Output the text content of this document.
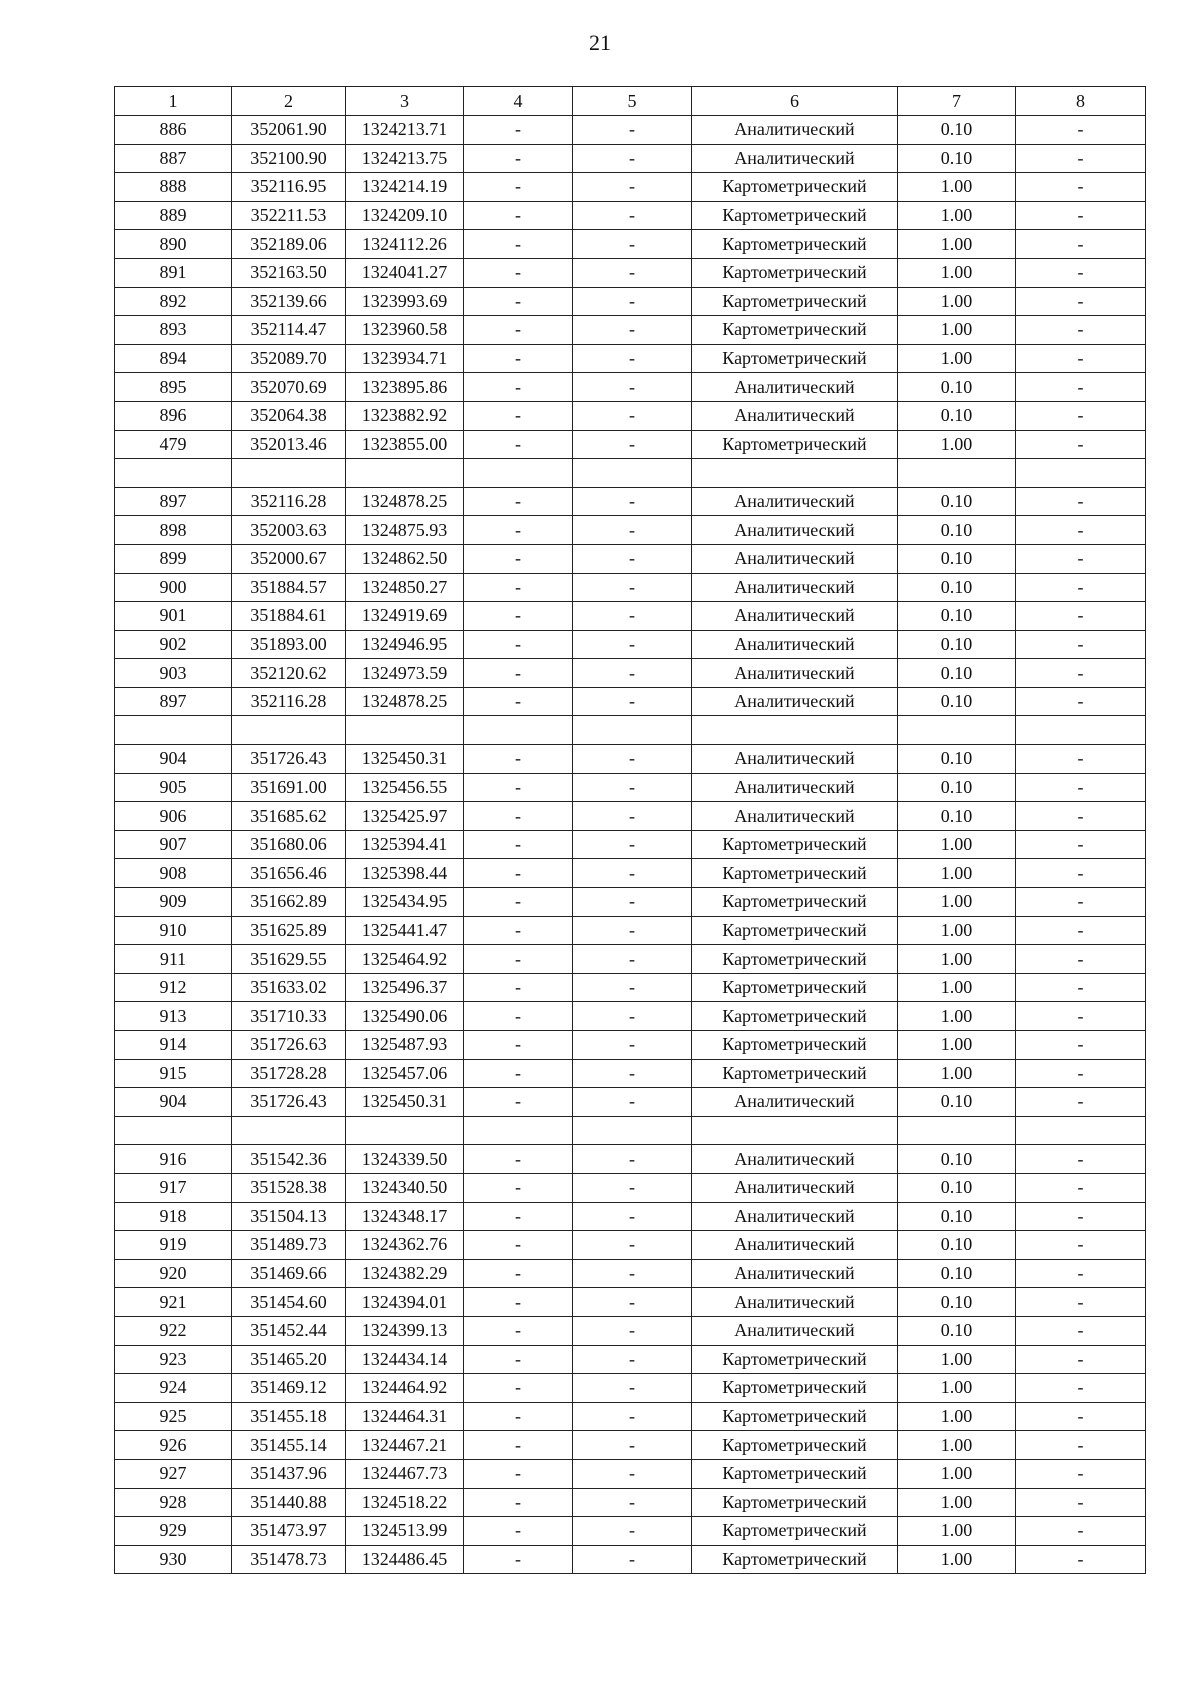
21
1	2	3	4	5	6	7	8
886	352061.90	1324213.71	-	-	Аналитический	0.10	-
887	352100.90	1324213.75	-	-	Аналитический	0.10	-
888	352116.95	1324214.19	-	-	Картометрический	1.00	-
889	352211.53	1324209.10	-	-	Картометрический	1.00	-
890	352189.06	1324112.26	-	-	Картометрический	1.00	-
891	352163.50	1324041.27	-	-	Картометрический	1.00	-
892	352139.66	1323993.69	-	-	Картометрический	1.00	-
893	352114.47	1323960.58	-	-	Картометрический	1.00	-
894	352089.70	1323934.71	-	-	Картометрический	1.00	-
895	352070.69	1323895.86	-	-	Аналитический	0.10	-
896	352064.38	1323882.92	-	-	Аналитический	0.10	-
479	352013.46	1323855.00	-	-	Картометрический	1.00	-

897	352116.28	1324878.25	-	-	Аналитический	0.10	-
898	352003.63	1324875.93	-	-	Аналитический	0.10	-
899	352000.67	1324862.50	-	-	Аналитический	0.10	-
900	351884.57	1324850.27	-	-	Аналитический	0.10	-
901	351884.61	1324919.69	-	-	Аналитический	0.10	-
902	351893.00	1324946.95	-	-	Аналитический	0.10	-
903	352120.62	1324973.59	-	-	Аналитический	0.10	-
897	352116.28	1324878.25	-	-	Аналитический	0.10	-

904	351726.43	1325450.31	-	-	Аналитический	0.10	-
905	351691.00	1325456.55	-	-	Аналитический	0.10	-
906	351685.62	1325425.97	-	-	Аналитический	0.10	-
907	351680.06	1325394.41	-	-	Картометрический	1.00	-
908	351656.46	1325398.44	-	-	Картометрический	1.00	-
909	351662.89	1325434.95	-	-	Картометрический	1.00	-
910	351625.89	1325441.47	-	-	Картометрический	1.00	-
911	351629.55	1325464.92	-	-	Картометрический	1.00	-
912	351633.02	1325496.37	-	-	Картометрический	1.00	-
913	351710.33	1325490.06	-	-	Картометрический	1.00	-
914	351726.63	1325487.93	-	-	Картометрический	1.00	-
915	351728.28	1325457.06	-	-	Картометрический	1.00	-
904	351726.43	1325450.31	-	-	Аналитический	0.10	-

916	351542.36	1324339.50	-	-	Аналитический	0.10	-
917	351528.38	1324340.50	-	-	Аналитический	0.10	-
918	351504.13	1324348.17	-	-	Аналитический	0.10	-
919	351489.73	1324362.76	-	-	Аналитический	0.10	-
920	351469.66	1324382.29	-	-	Аналитический	0.10	-
921	351454.60	1324394.01	-	-	Аналитический	0.10	-
922	351452.44	1324399.13	-	-	Аналитический	0.10	-
923	351465.20	1324434.14	-	-	Картометрический	1.00	-
924	351469.12	1324464.92	-	-	Картометрический	1.00	-
925	351455.18	1324464.31	-	-	Картометрический	1.00	-
926	351455.14	1324467.21	-	-	Картометрический	1.00	-
927	351437.96	1324467.73	-	-	Картометрический	1.00	-
928	351440.88	1324518.22	-	-	Картометрический	1.00	-
929	351473.97	1324513.99	-	-	Картометрический	1.00	-
930	351478.73	1324486.45	-	-	Картометрический	1.00	-
